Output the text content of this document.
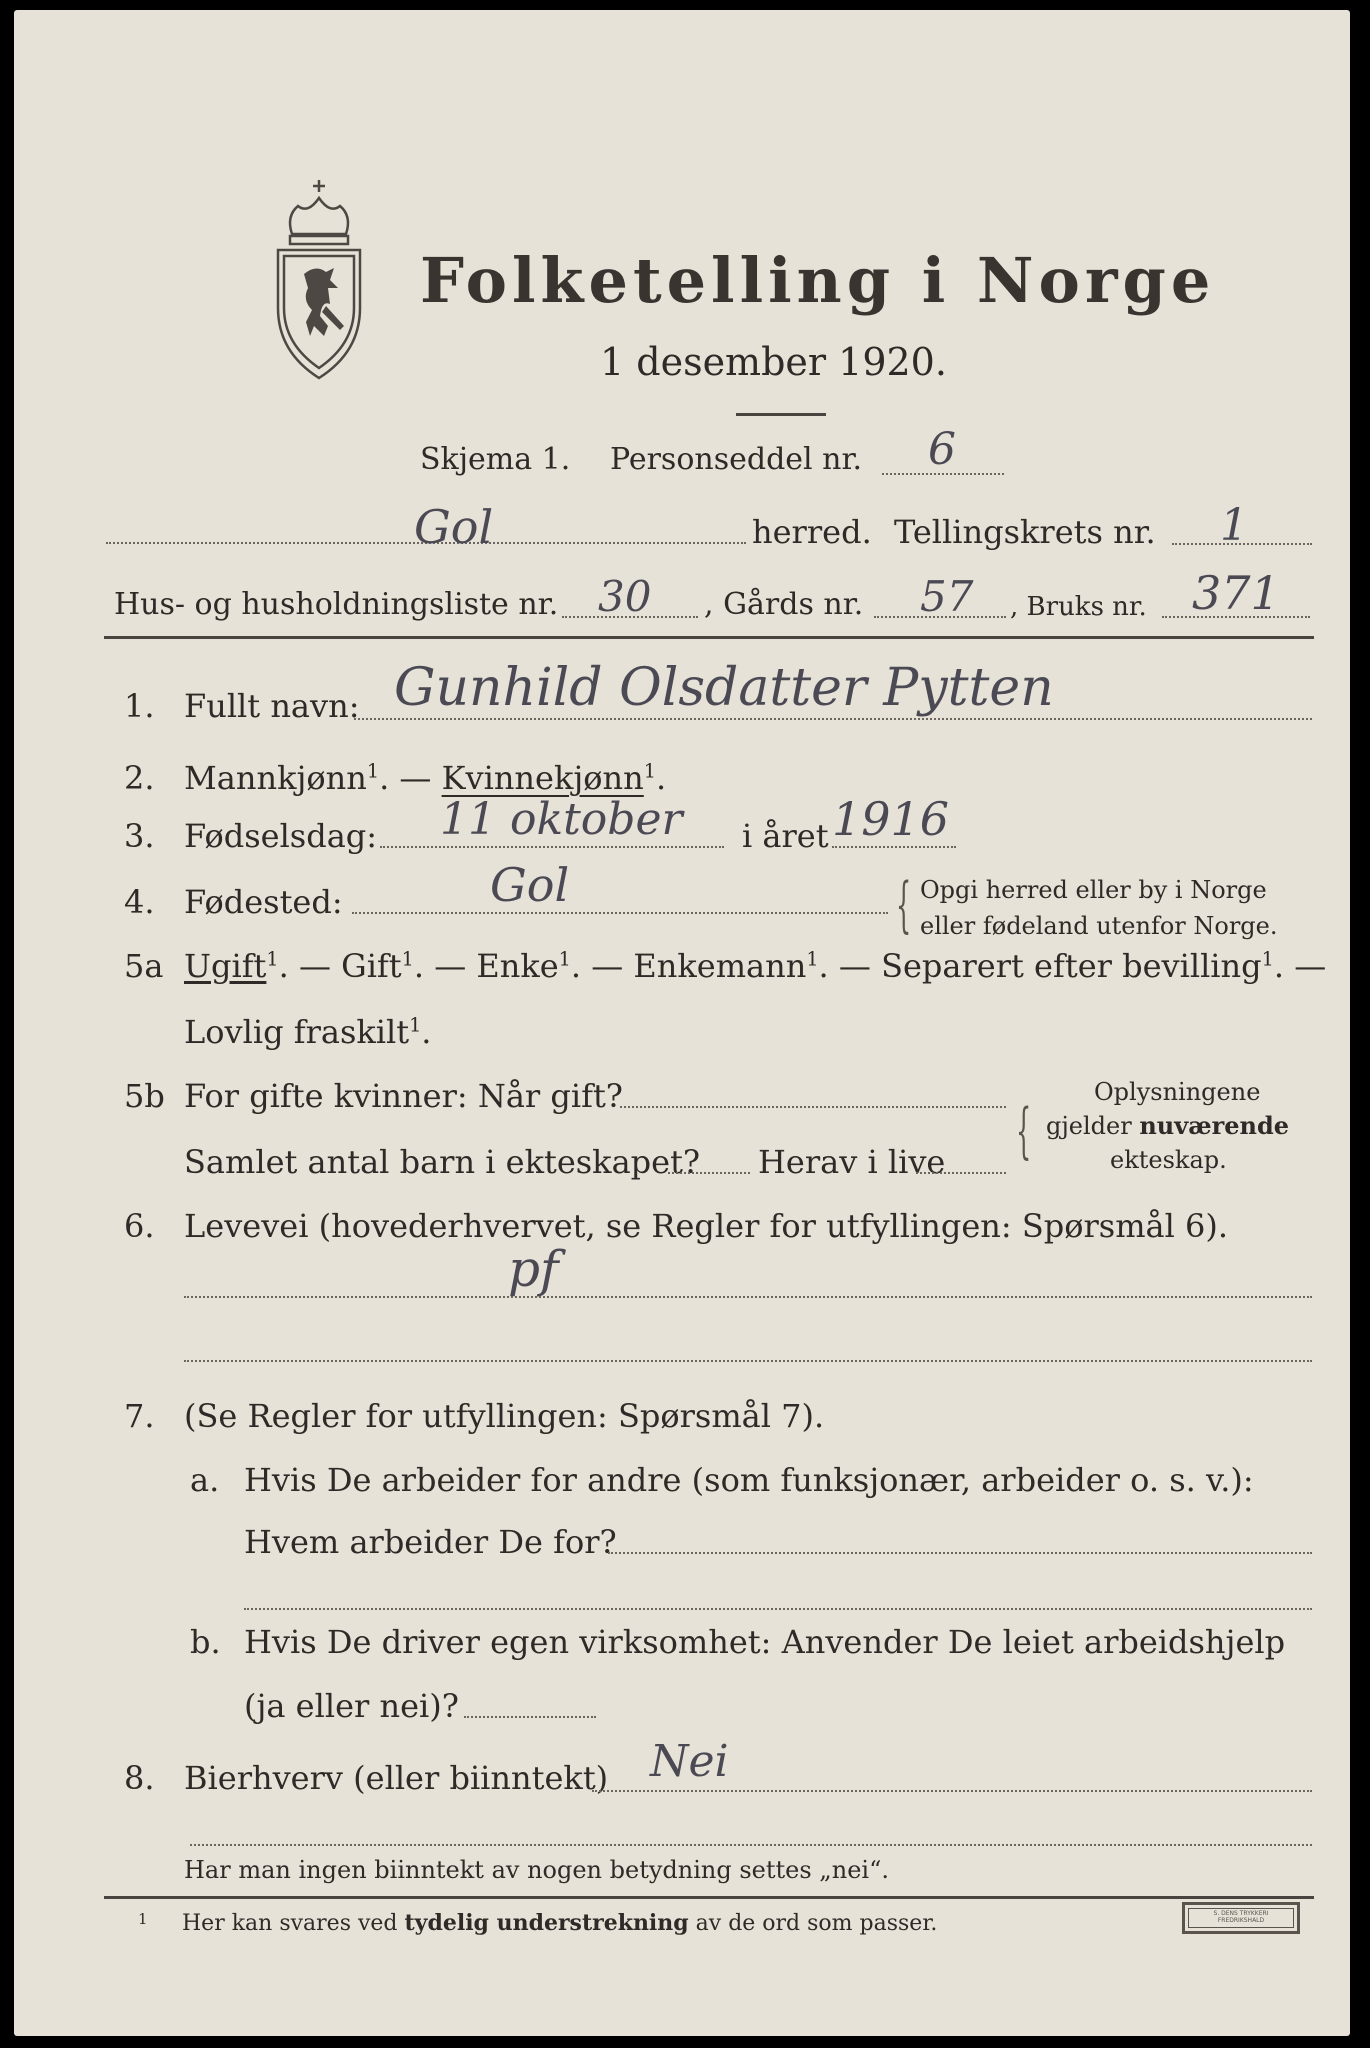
Folketelling i Norge
1 desember 1920.
Skjema 1. Personseddel nr. 6
Gol	herred. Tellingskrets nr. 1
Hus- og husholdningsliste nr. 30 , Gårds nr. 57 , Bruks nr. 371
1. Fullt navn: Gunhild Olsdatter Pytten
2. Mannkjønn$^1$. — Kvinnekjønn$^1$.
3. Fødselsdag: 11 oktober i året 1916
4. Fødested:	Gol	{ Opgi herred eller by i Norge
eller fødeland utenfor Norge.
5a Ugift$^1$. — Gift$^1$. — Enke$^1$. — Enkemann$^1$. — Separert efter bevilling$^1$. —
Lovlig fraskilt$^1$.
5b For gifte kvinner: Når gift?
Samlet antal barn i ekteskapet? Herav i live {
Oplysningene
gjelder nuværende
ekteskap.
6. Levevei (hovederhvervet, se Regler for utfyllingen: Spørsmål 6).
pf
7. (Se Regler for utfyllingen: Spørsmål 7).
a. Hvis De arbeider for andre (som funksjonær, arbeider o. s. v.):
Hvem arbeider De for?
b. Hvis De driver egen virksomhet: Anvender De leiet arbeidshjelp
(ja eller nei)?
8. Bierhverv (eller biinntekt) Nei
Har man ingen biinntekt av nogen betydning settes „nei“.
1 Her kan svares ved tydelig understrekning av de ord som passer.	S. DENS TRYKKERI
FREDRIKSHALD
